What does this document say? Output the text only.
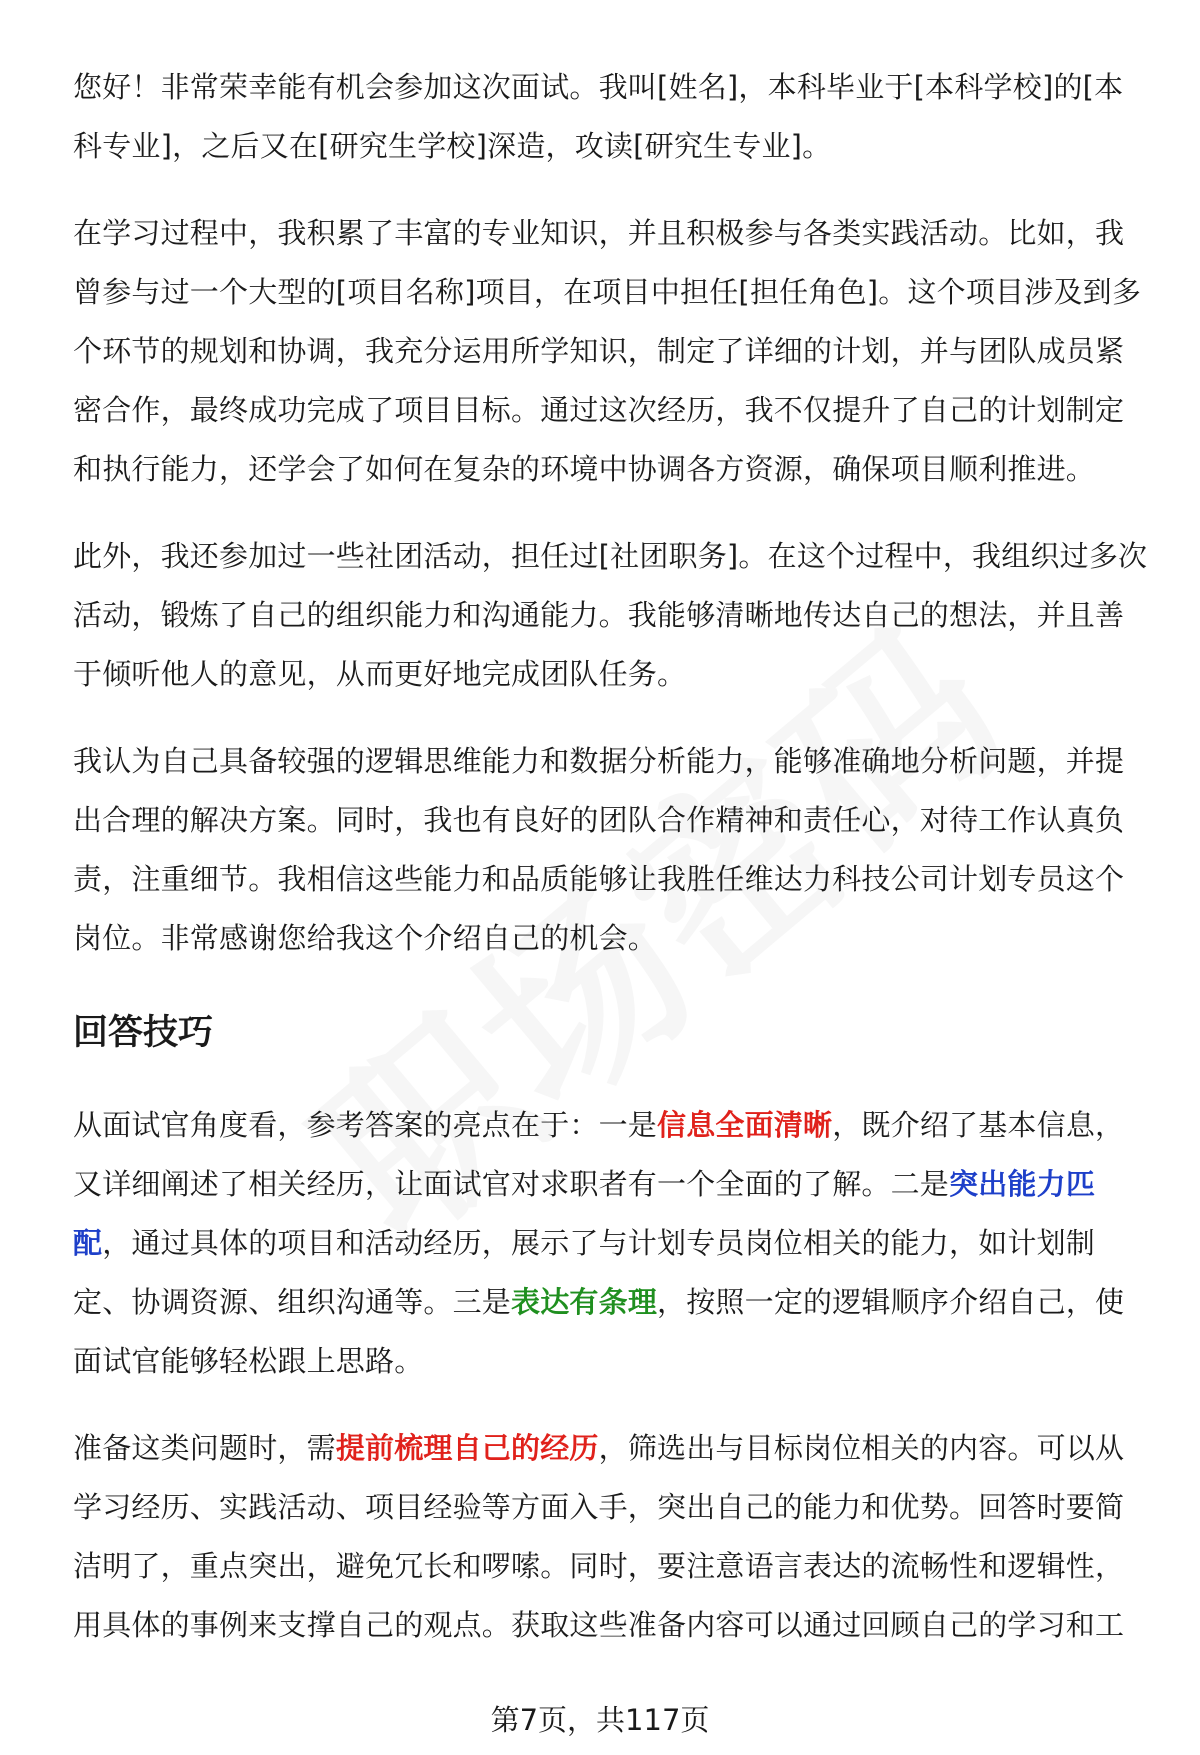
您好！非常荣幸能有机会参加这次面试。我叫[姓名]，本科毕业于[本科学校]的[本科专业]，之后又在[研究生学校]深造，攻读[研究生专业]。

在学习过程中，我积累了丰富的专业知识，并且积极参与各类实践活动。比如，我曾参与过一个大型的[项目名称]项目，在项目中担任[担任角色]。这个项目涉及到多个环节的规划和协调，我充分运用所学知识，制定了详细的计划，并与团队成员紧密合作，最终成功完成了项目目标。通过这次经历，我不仅提升了自己的计划制定和执行能力，还学会了如何在复杂的环境中协调各方资源，确保项目顺利推进。

此外，我还参加过一些社团活动，担任过[社团职务]。在这个过程中，我组织过多次活动，锻炼了自己的组织能力和沟通能力。我能够清晰地传达自己的想法，并且善于倾听他人的意见，从而更好地完成团队任务。

我认为自己具备较强的逻辑思维能力和数据分析能力，能够准确地分析问题，并提出合理的解决方案。同时，我也有良好的团队合作精神和责任心，对待工作认真负责，注重细节。我相信这些能力和品质能够让我胜任维达力科技公司计划专员这个岗位。非常感谢您给我这个介绍自己的机会。

回答技巧

从面试官角度看，参考答案的亮点在于：一是信息全面清晰，既介绍了基本信息，又详细阐述了相关经历，让面试官对求职者有一个全面的了解。二是突出能力匹配，通过具体的项目和活动经历，展示了与计划专员岗位相关的能力，如计划制定、协调资源、组织沟通等。三是表达有条理，按照一定的逻辑顺序介绍自己，使面试官能够轻松跟上思路。

准备这类问题时，需提前梳理自己的经历，筛选出与目标岗位相关的内容。可以从学习经历、实践活动、项目经验等方面入手，突出自己的能力和优势。回答时要简洁明了，重点突出，避免冗长和啰嗦。同时，要注意语言表达的流畅性和逻辑性，用具体的事例来支撑自己的观点。获取这些准备内容可以通过回顾自己的学习和工

第7页，共117页
